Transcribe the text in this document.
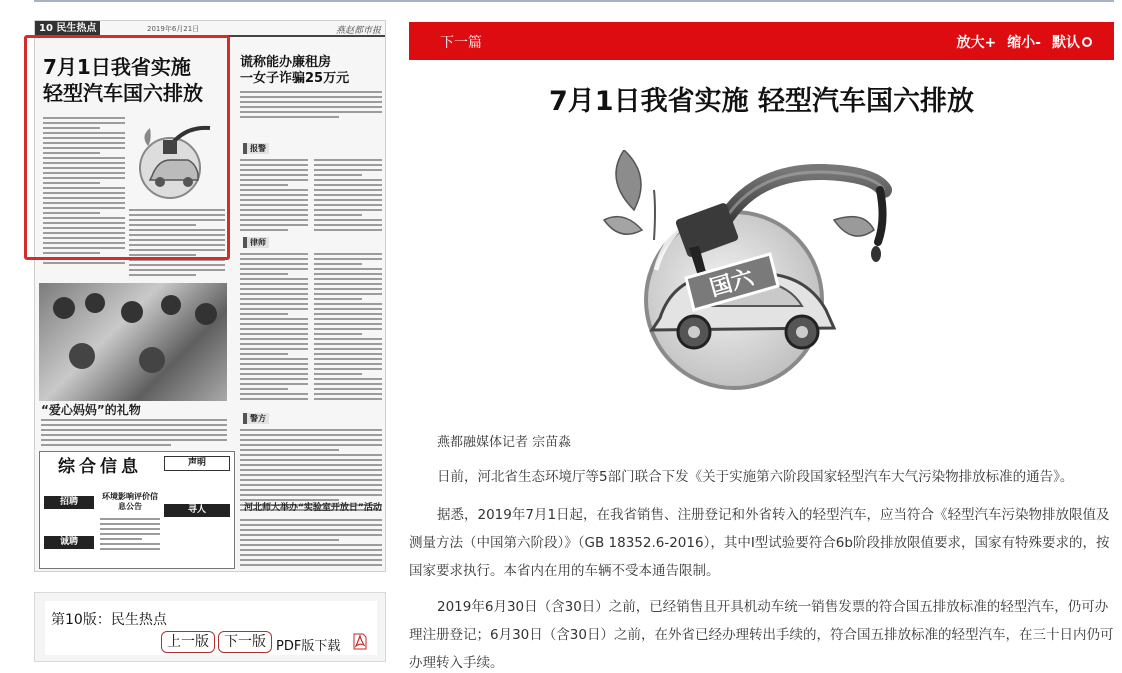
10 民生热点	2019年6月21日	燕赵都市报
7月1日我省实施
轻型汽车国六排放
谎称能办廉租房
一女子诈骗25万元
报警
律师
警方
河北师大举办“实验室开放日”活动
“爱心妈妈”的礼物
综合信息
招聘
诚聘
声明
寻人
环境影响评价信息公告
第10版：民生热点
上一版	下一版 PDF版下载
下一篇	放大+ 缩小- 默认
7月1日我省实施 轻型汽车国六排放
国六
燕都融媒体记者 宗苗淼

日前，河北省生态环境厅等5部门联合下发《关于实施第六阶段国家轻型汽车大气污染物排放标准的通告》。

据悉，2019年7月1日起，在我省销售、注册登记和外省转入的轻型汽车，应当符合《轻型汽车污染物排放限值及测量方法（中国第六阶段）》（GB 18352.6-2016），其中Ⅰ型试验要符合6b阶段排放限值要求，国家有特殊要求的，按国家要求执行。本省内在用的车辆不受本通告限制。

2019年6月30日（含30日）之前，已经销售且开具机动车统一销售发票的符合国五排放标准的轻型汽车，仍可办理注册登记；6月30日（含30日）之前，在外省已经办理转出手续的，符合国五排放标准的轻型汽车，在三十日内仍可办理转入手续。
